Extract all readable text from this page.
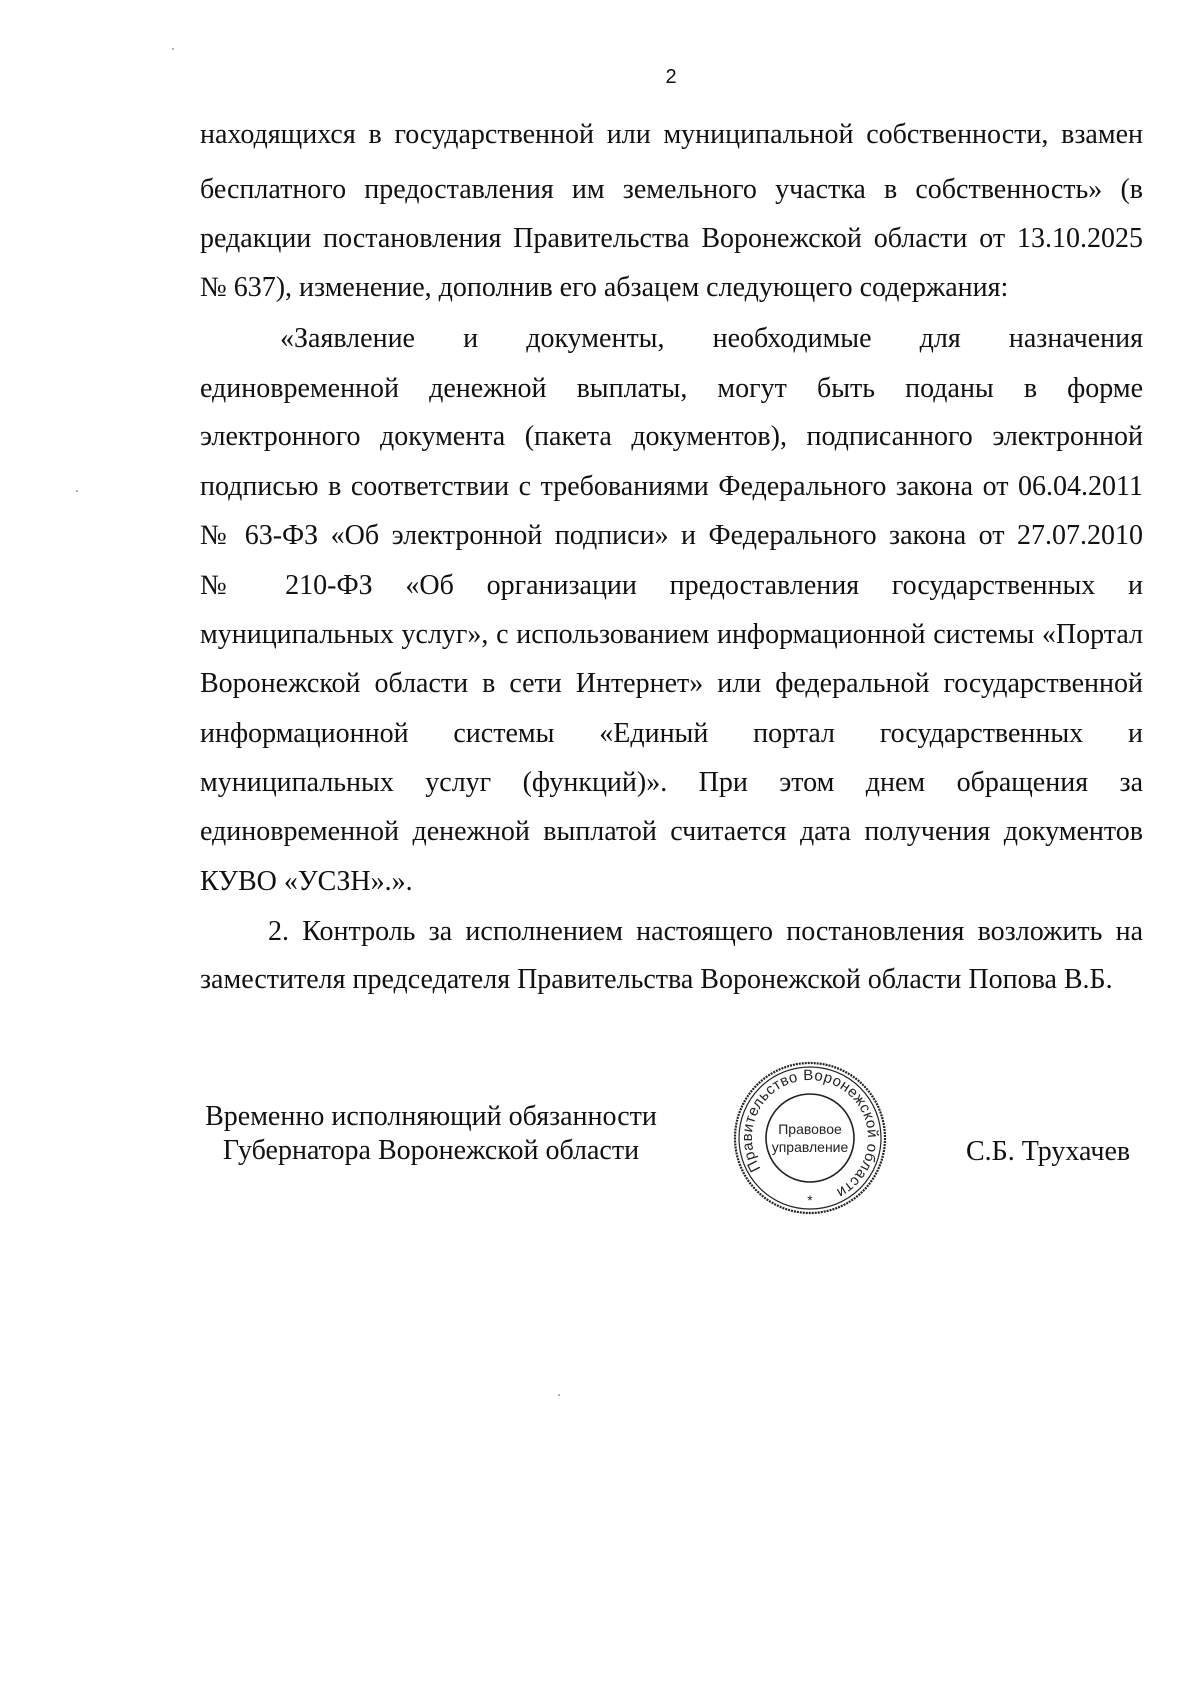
2
находящихся в государственной или муниципальной собственности, взамен
бесплатного предоставления им земельного участка в собственность» (в
редакции постановления Правительства Воронежской области от 13.10.2025
№ 637), изменение, дополнив его абзацем следующего содержания:
«Заявление и документы, необходимые для назначения
единовременной денежной выплаты, могут быть поданы в форме
электронного документа (пакета документов), подписанного электронной
подписью в соответствии с требованиями Федерального закона от 06.04.2011
№ 63-ФЗ «Об электронной подписи» и Федерального закона от 27.07.2010
№ 210-ФЗ «Об организации предоставления государственных и
муниципальных услуг», с использованием информационной системы «Портал
Воронежской области в сети Интернет» или федеральной государственной
информационной системы «Единый портал государственных и
муниципальных услуг (функций)». При этом днем обращения за
единовременной денежной выплатой считается дата получения документов
КУВО «УСЗН».».
2. Контроль за исполнением настоящего постановления возложить на
заместителя председателя Правительства Воронежской области Попова В.Б.
Временно исполняющий обязанности
Губернатора Воронежской области	Правительство Воронежской области
Правовое
управление
*
С.Б. Трухачев
